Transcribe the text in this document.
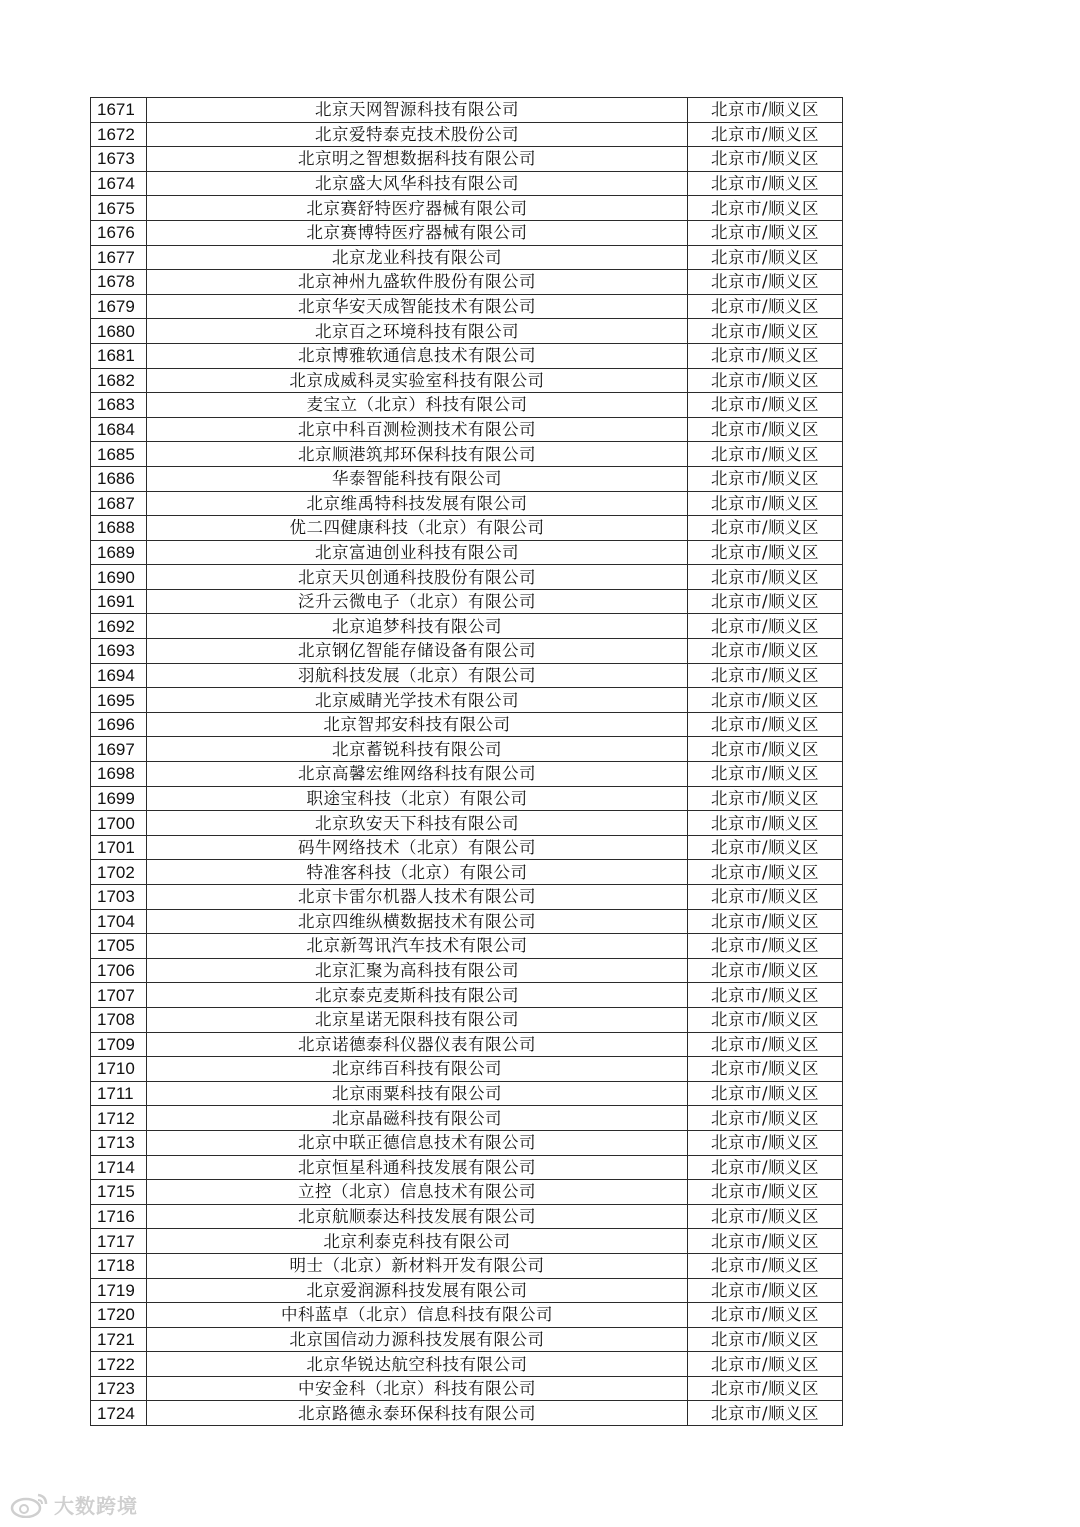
1671	北京天网智源科技有限公司	北京市/顺义区
1672	北京爱特泰克技术股份公司	北京市/顺义区
1673	北京明之智想数据科技有限公司	北京市/顺义区
1674	北京盛大风华科技有限公司	北京市/顺义区
1675	北京赛舒特医疗器械有限公司	北京市/顺义区
1676	北京赛博特医疗器械有限公司	北京市/顺义区
1677	北京龙业科技有限公司	北京市/顺义区
1678	北京神州九盛软件股份有限公司	北京市/顺义区
1679	北京华安天成智能技术有限公司	北京市/顺义区
1680	北京百之环境科技有限公司	北京市/顺义区
1681	北京博雅软通信息技术有限公司	北京市/顺义区
1682	北京成威科灵实验室科技有限公司	北京市/顺义区
1683	麦宝立（北京）科技有限公司	北京市/顺义区
1684	北京中科百测检测技术有限公司	北京市/顺义区
1685	北京顺港筑邦环保科技有限公司	北京市/顺义区
1686	华泰智能科技有限公司	北京市/顺义区
1687	北京维禹特科技发展有限公司	北京市/顺义区
1688	优二四健康科技（北京）有限公司	北京市/顺义区
1689	北京富迪创业科技有限公司	北京市/顺义区
1690	北京天贝创通科技股份有限公司	北京市/顺义区
1691	泛升云微电子（北京）有限公司	北京市/顺义区
1692	北京追梦科技有限公司	北京市/顺义区
1693	北京钢亿智能存储设备有限公司	北京市/顺义区
1694	羽航科技发展（北京）有限公司	北京市/顺义区
1695	北京威睛光学技术有限公司	北京市/顺义区
1696	北京智邦安科技有限公司	北京市/顺义区
1697	北京蓄锐科技有限公司	北京市/顺义区
1698	北京高馨宏维网络科技有限公司	北京市/顺义区
1699	职途宝科技（北京）有限公司	北京市/顺义区
1700	北京玖安天下科技有限公司	北京市/顺义区
1701	码牛网络技术（北京）有限公司	北京市/顺义区
1702	特准客科技（北京）有限公司	北京市/顺义区
1703	北京卡雷尔机器人技术有限公司	北京市/顺义区
1704	北京四维纵横数据技术有限公司	北京市/顺义区
1705	北京新驾讯汽车技术有限公司	北京市/顺义区
1706	北京汇聚为高科技有限公司	北京市/顺义区
1707	北京泰克麦斯科技有限公司	北京市/顺义区
1708	北京星诺无限科技有限公司	北京市/顺义区
1709	北京诺德泰科仪器仪表有限公司	北京市/顺义区
1710	北京纬百科技有限公司	北京市/顺义区
1711	北京雨粟科技有限公司	北京市/顺义区
1712	北京晶磁科技有限公司	北京市/顺义区
1713	北京中联正德信息技术有限公司	北京市/顺义区
1714	北京恒星科通科技发展有限公司	北京市/顺义区
1715	立控（北京）信息技术有限公司	北京市/顺义区
1716	北京航顺泰达科技发展有限公司	北京市/顺义区
1717	北京利泰克科技有限公司	北京市/顺义区
1718	明士（北京）新材料开发有限公司	北京市/顺义区
1719	北京爱润源科技发展有限公司	北京市/顺义区
1720	中科蓝卓（北京）信息科技有限公司	北京市/顺义区
1721	北京国信动力源科技发展有限公司	北京市/顺义区
1722	北京华锐达航空科技有限公司	北京市/顺义区
1723	中安金科（北京）科技有限公司	北京市/顺义区
1724	北京路德永泰环保科技有限公司	北京市/顺义区
大数跨境
